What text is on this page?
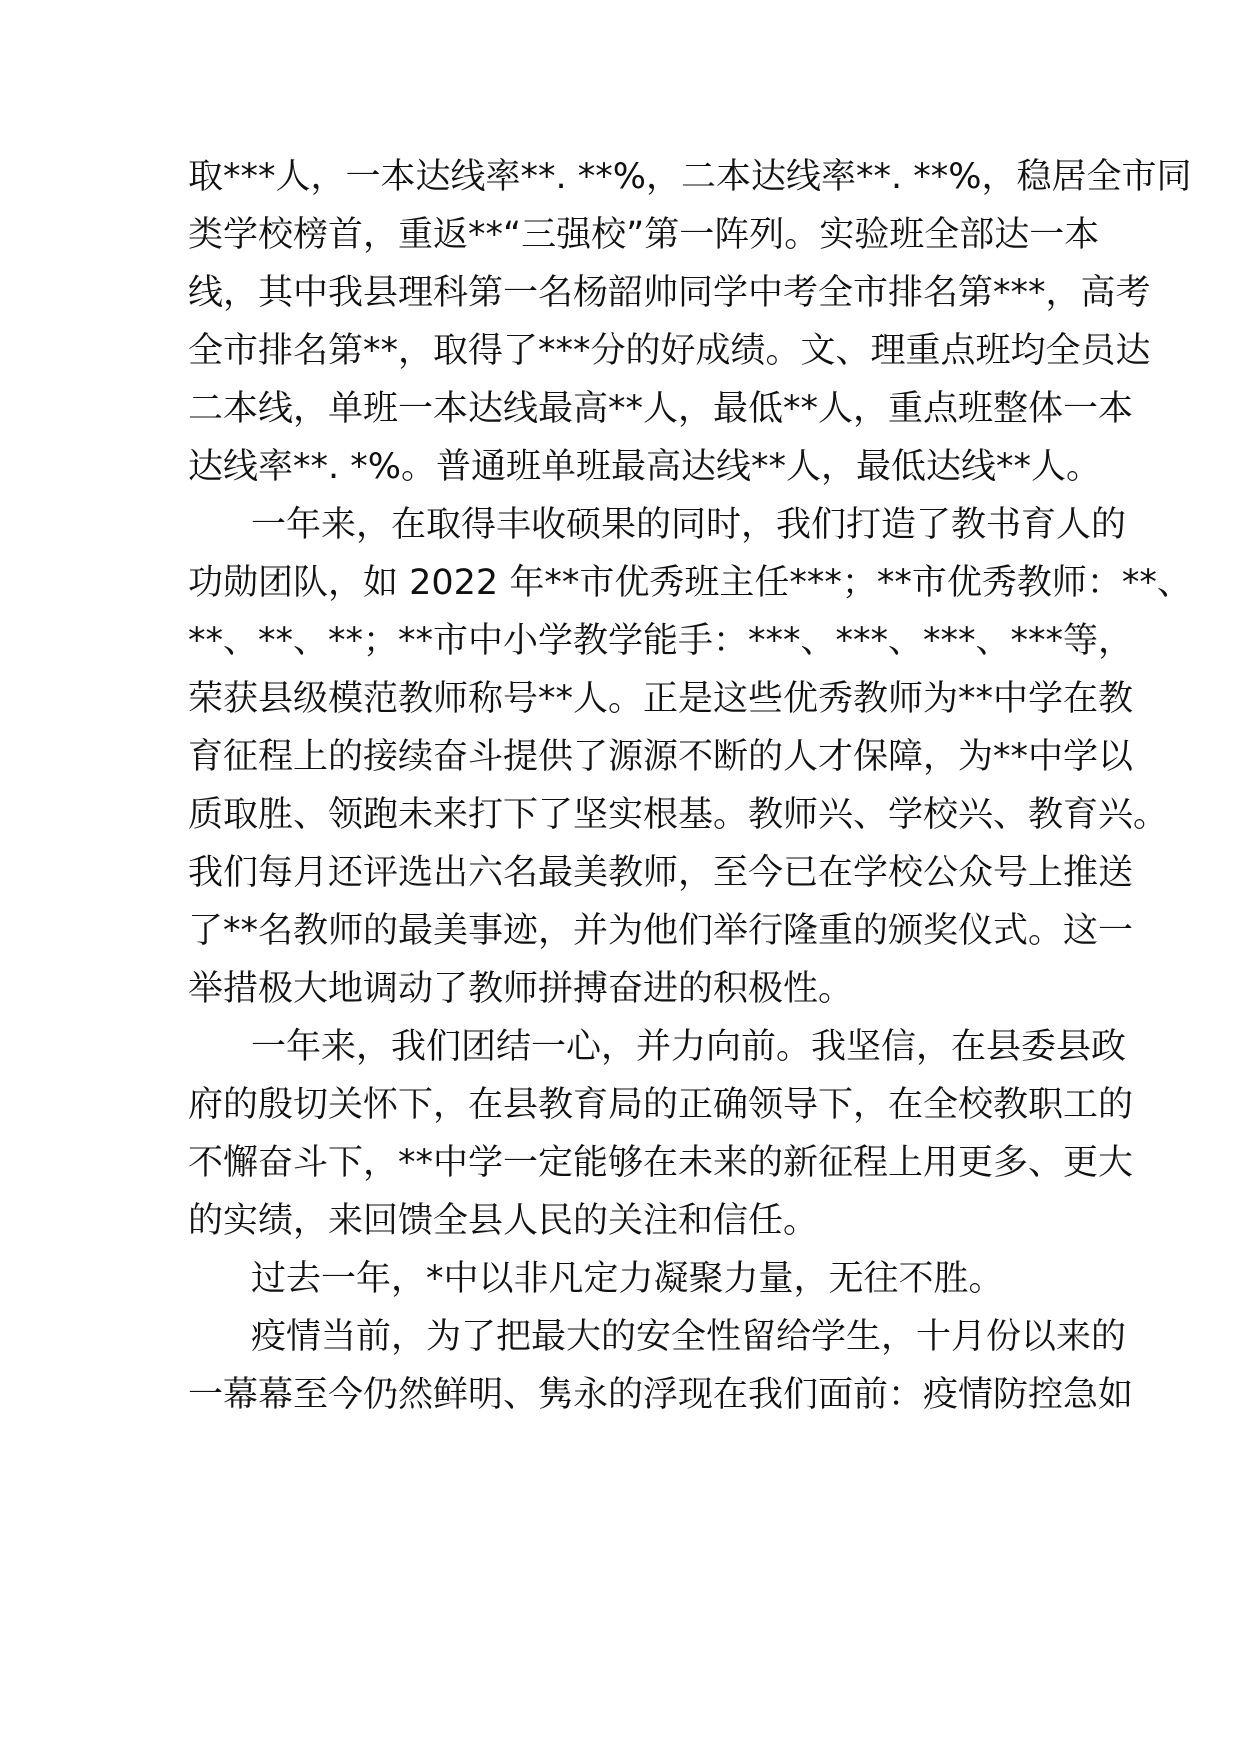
取***人，一本达线率**. **%，二本达线率**. **%，稳居全市同
类学校榜首，重返**“三强校”第一阵列。实验班全部达一本
线，其中我县理科第一名杨韶帅同学中考全市排名第***，高考
全市排名第**，取得了***分的好成绩。文、理重点班均全员达
二本线，单班一本达线最高**人，最低**人，重点班整体一本
达线率**. *%。普通班单班最高达线**人，最低达线**人。
一年来，在取得丰收硕果的同时，我们打造了教书育人的
功勋团队，如 2022 年**市优秀班主任***；**市优秀教师：**、
**、**、**；**市中小学教学能手：***、***、***、***等，
荣获县级模范教师称号**人。正是这些优秀教师为**中学在教
育征程上的接续奋斗提供了源源不断的人才保障，为**中学以
质取胜、领跑未来打下了坚实根基。教师兴、学校兴、教育兴。
我们每月还评选出六名最美教师，至今已在学校公众号上推送
了**名教师的最美事迹，并为他们举行隆重的颁奖仪式。这一
举措极大地调动了教师拼搏奋进的积极性。
一年来，我们团结一心，并力向前。我坚信，在县委县政
府的殷切关怀下，在县教育局的正确领导下，在全校教职工的
不懈奋斗下，**中学一定能够在未来的新征程上用更多、更大
的实绩，来回馈全县人民的关注和信任。
过去一年，*中以非凡定力凝聚力量，无往不胜。
疫情当前，为了把最大的安全性留给学生，十月份以来的
一幕幕至今仍然鲜明、隽永的浮现在我们面前：疫情防控急如
